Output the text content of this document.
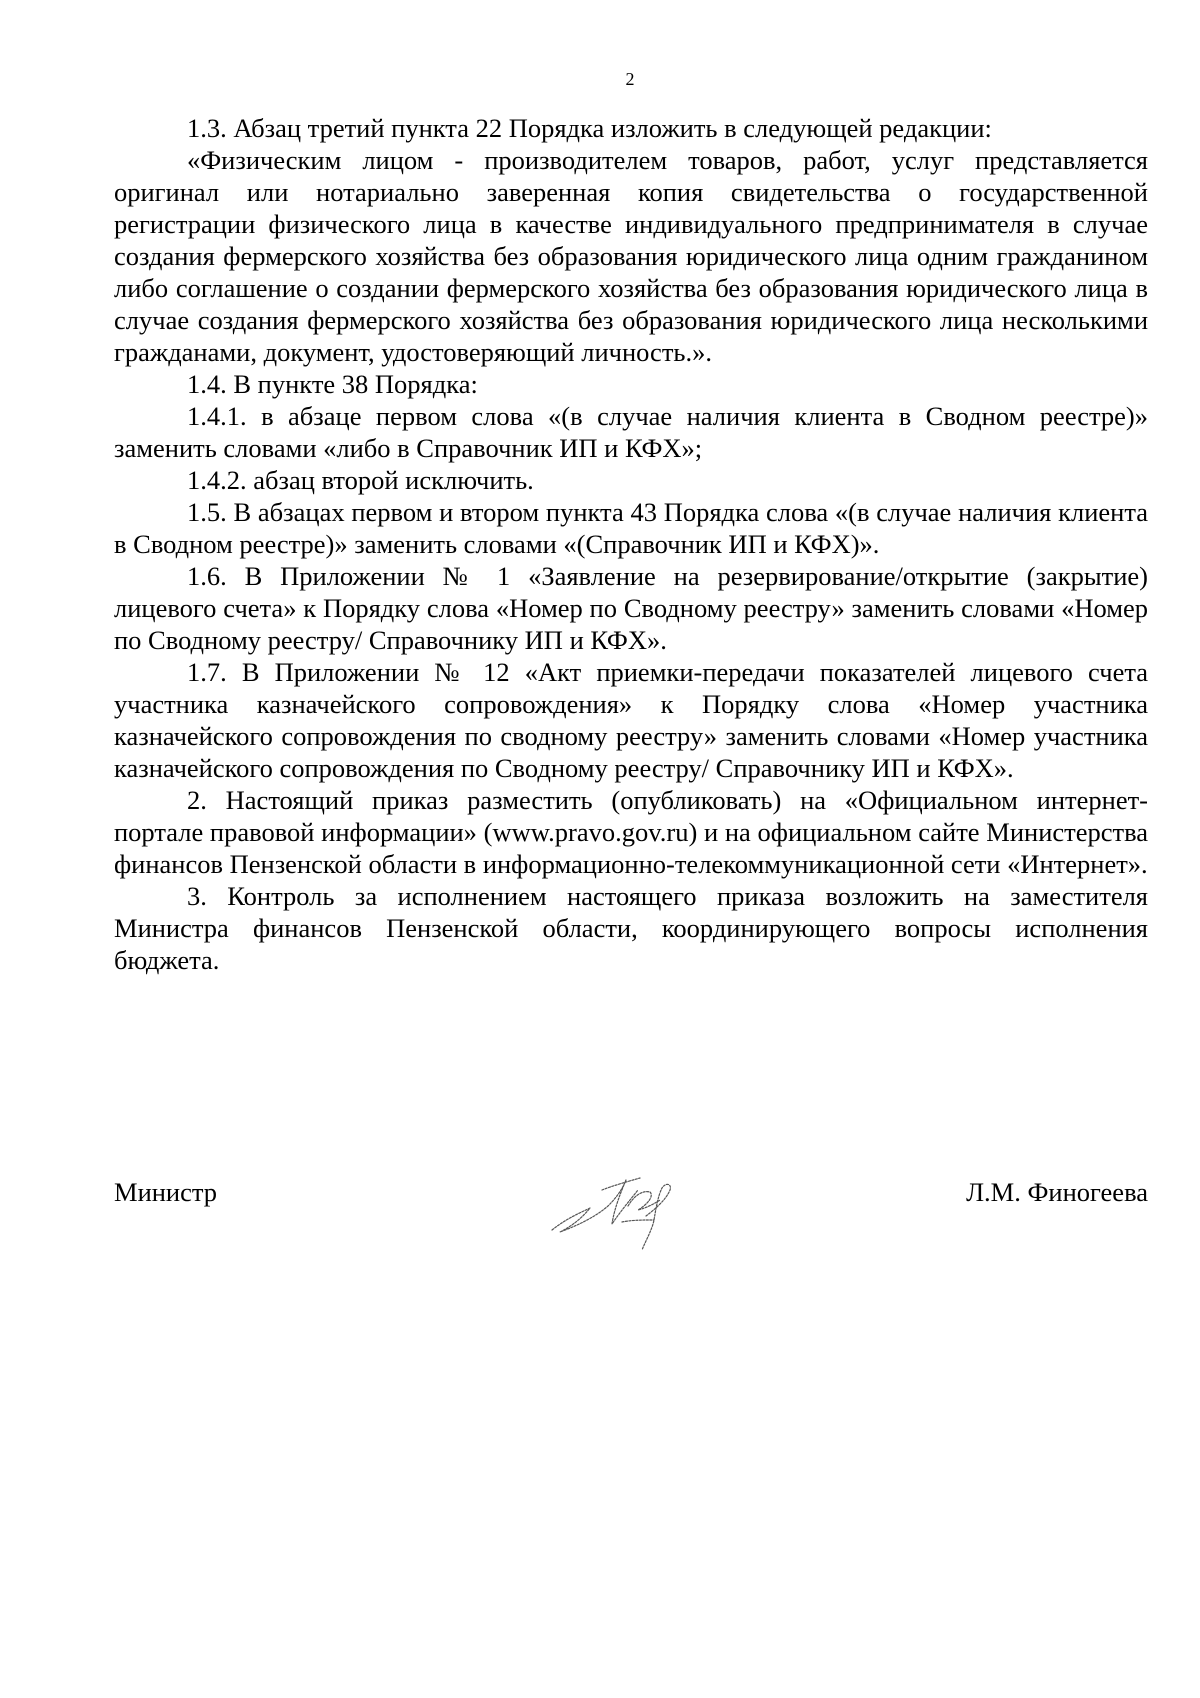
2

1.3. Абзац третий пункта 22 Порядка изложить в следующей редакции:

«Физическим лицом - производителем товаров, работ, услуг представляется оригинал или нотариально заверенная копия свидетельства о государственной регистрации физического лица в качестве индивидуального предпринимателя в случае создания фермерского хозяйства без образования юридического лица одним гражданином либо соглашение о создании фермерского хозяйства без образования юридического лица в случае создания фермерского хозяйства без образования юридического лица несколькими гражданами, документ, удостоверяющий личность.».

1.4. В пункте 38 Порядка:

1.4.1. в абзаце первом слова «(в случае наличия клиента в Сводном реестре)» заменить словами «либо в Справочник ИП и КФХ»;

1.4.2. абзац второй исключить.

1.5. В абзацах первом и втором пункта 43 Порядка слова «(в случае наличия клиента в Сводном реестре)» заменить словами «(Справочник ИП и КФХ)».

1.6. В Приложении № 1 «Заявление на резервирование/открытие (закрытие) лицевого счета» к Порядку слова «Номер по Сводному реестру» заменить словами «Номер по Сводному реестру/ Справочнику ИП и КФХ».

1.7. В Приложении № 12 «Акт приемки-передачи показателей лицевого счета участника казначейского сопровождения» к Порядку слова «Номер участника казначейского сопровождения по сводному реестру» заменить словами «Номер участника казначейского сопровождения по Сводному реестру/ Справочнику ИП и КФХ».

2. Настоящий приказ разместить (опубликовать) на «Официальном интернет-портале правовой информации» (www.pravo.gov.ru) и на официальном сайте Министерства финансов Пензенской области в информационно-телекоммуникационной сети «Интернет».

3. Контроль за исполнением настоящего приказа возложить на заместителя Министра финансов Пензенской области, координирующего вопросы исполнения бюджета.

Министр	Л.М. Финогеева
